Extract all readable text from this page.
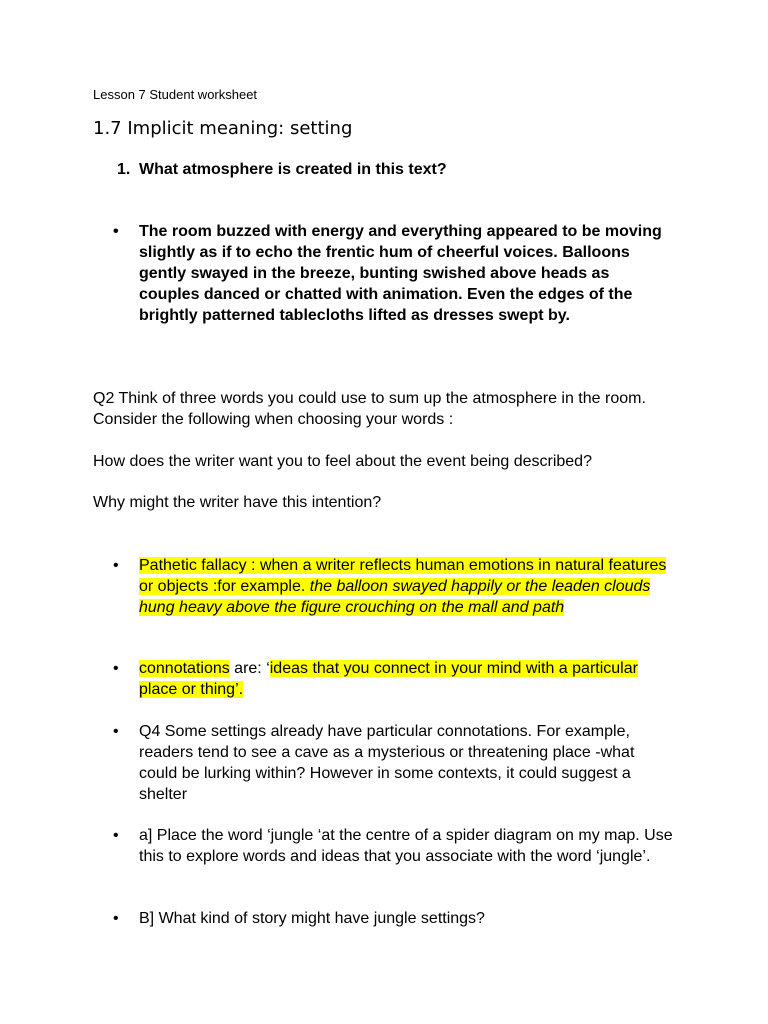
Lesson 7 Student worksheet
1.7 Implicit meaning: setting
1. What atmosphere is created in this text?
•	The room buzzed with energy and everything appeared to be moving slightly as if to echo the frentic hum of cheerful voices. Balloons gently swayed in the breeze, bunting swished above heads as couples danced or chatted with animation. Even the edges of the brightly patterned tablecloths lifted as dresses swept by.
Q2 Think of three words you could use to sum up the atmosphere in the room. Consider the following when choosing your words :
How does the writer want you to feel about the event being described?
Why might the writer have this intention?
•	Pathetic fallacy : when a writer reflects human emotions in natural features or objects :for example. the balloon swayed happily or the leaden clouds hung heavy above the figure crouching on the mall and path
•	connotations are: ‘ideas that you connect in your mind with a particular place or thing’.
•	Q4 Some settings already have particular connotations. For example, readers tend to see a cave as a mysterious or threatening place -what could be lurking within? However in some contexts, it could suggest a shelter
•	a] Place the word ‘jungle ‘at the centre of a spider diagram on my map. Use this to explore words and ideas that you associate with the word ‘jungle’.
•	B] What kind of story might have jungle settings?
